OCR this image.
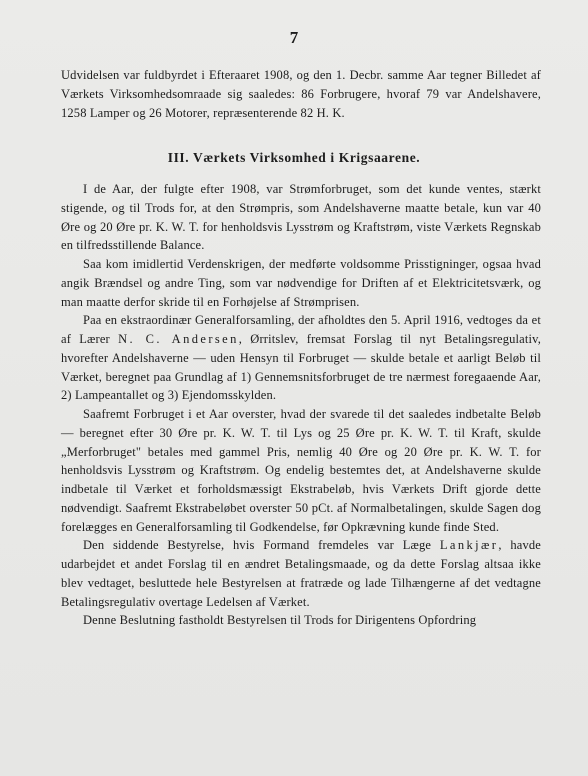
7
Udvidelsen var fuldbyrdet i Efteraaret 1908, og den 1. Decbr. samme Aar tegner Billedet af Værkets Virksomhedsomraade sig saaledes: 86 Forbrugere, hvoraf 79 var Andelshavere, 1258 Lamper og 26 Motorer, repræsenterende 82 H. K.
III. Værkets Virksomhed i Krigsaarene.

I de Aar, der fulgte efter 1908, var Strømforbruget, som det kunde ventes, stærkt stigende, og til Trods for, at den Strømpris, som Andelshaverne maatte betale, kun var 40 Øre og 20 Øre pr. K. W. T. for henholdsvis Lysstrøm og Kraftstrøm, viste Værkets Regnskab en tilfredsstillende Balance.

Saa kom imidlertid Verdenskrigen, der medførte voldsomme Prisstigninger, ogsaa hvad angik Brændsel og andre Ting, som var nødvendige for Driften af et Elektricitetsværk, og man maatte derfor skride til en Forhøjelse af Strømprisen.

Paa en ekstraordinær Generalforsamling, der afholdtes den 5. April 1916, vedtoges da et af Lærer N. C. Andersen, Ørritslev, fremsat Forslag til nyt Betalingsregulativ, hvorefter Andelshaverne — uden Hensyn til Forbruget — skulde betale et aarligt Beløb til Værket, beregnet paa Grundlag af 1) Gennemsnitsforbruget de tre nærmest foregaaende Aar, 2) Lampeantallet og 3) Ejendomsskylden.

Saafremt Forbruget i et Aar overstег, hvad der svarede til det saaledes indbetalte Beløb — beregnet efter 30 Øre pr. K. W. T. til Lys og 25 Øre pr. K. W. T. til Kraft, skulde „Merforbruget" betales med gammel Pris, nemlig 40 Øre og 20 Øre pr. K. W. T. for henholdsvis Lysstrøm og Kraftstrøm. Og endelig bestemtes det, at Andelshaverne skulde indbetale til Værket et forholdsmæssigt Ekstrabeløb, hvis Værkets Drift gjorde dette nødvendigt. Saafremt Ekstrabeløbet overstег 50 pCt. af Normalbetalingen, skulde Sagen dog forelægges en Generalforsamling til Godkendelse, før Opkrævning kunde finde Sted.

Den siddende Bestyrelse, hvis Formand fremdeles var Læge Lankjær, havde udarbejdet et andet Forslag til en ændret Betalingsmaade, og da dette Forslag altsaa ikke blev vedtaget, besluttede hele Bestyrelsen at fratræde og lade Tilhængerne af det vedtagne Betalingsregulativ overtage Ledelsen af Værket.

Denne Beslutning fastholdt Bestyrelsen til Trods for Dirigentens Opfordring
